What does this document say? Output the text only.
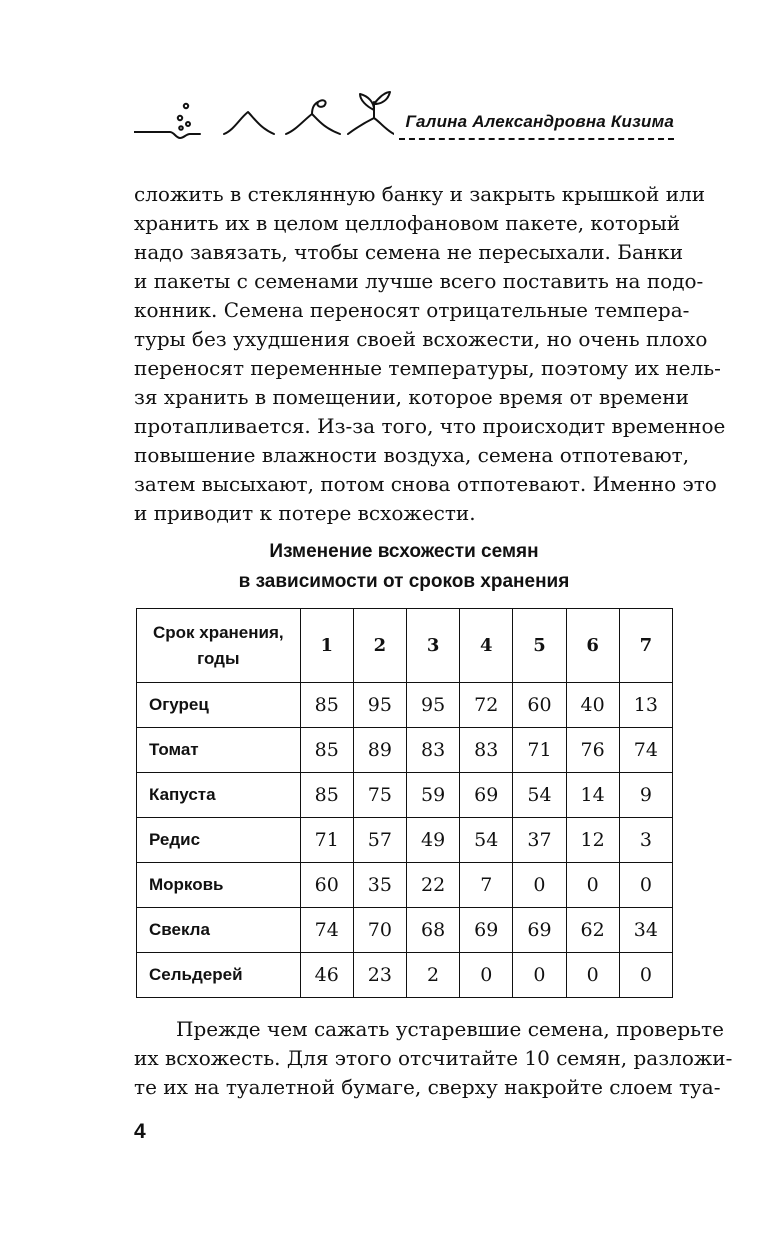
Галина Александровна Кизима
сложить в стеклянную банку и закрыть крышкой или
хранить их в целом целлофановом пакете, который
надо завязать, чтобы семена не пересыхали. Банки
и пакеты с семенами лучше всего поставить на подо-
конник. Семена переносят отрицательные темпера-
туры без ухудшения своей всхожести, но очень плохо
переносят переменные температуры, поэтому их нель-
зя хранить в помещении, которое время от времени
протапливается. Из-за того, что происходит временное
повышение влажности воздуха, семена отпотевают,
затем высыхают, потом снова отпотевают. Именно это
и приводит к потере всхожести.
Изменение всхожести семян
в зависимости от сроков хранения
Срок хранения,
годы	1	2	3	4	5	6	7
Огурец	85	95	95	72	60	40	13
Томат	85	89	83	83	71	76	74
Капуста	85	75	59	69	54	14	9
Редис	71	57	49	54	37	12	3
Морковь	60	35	22	7	0	0	0
Свекла	74	70	68	69	69	62	34
Сельдерей	46	23	2	0	0	0	0
Прежде чем сажать устаревшие семена, проверьте
их всхожесть. Для этого отсчитайте 10 семян, разложи-
те их на туалетной бумаге, сверху накройте слоем туа-
4
